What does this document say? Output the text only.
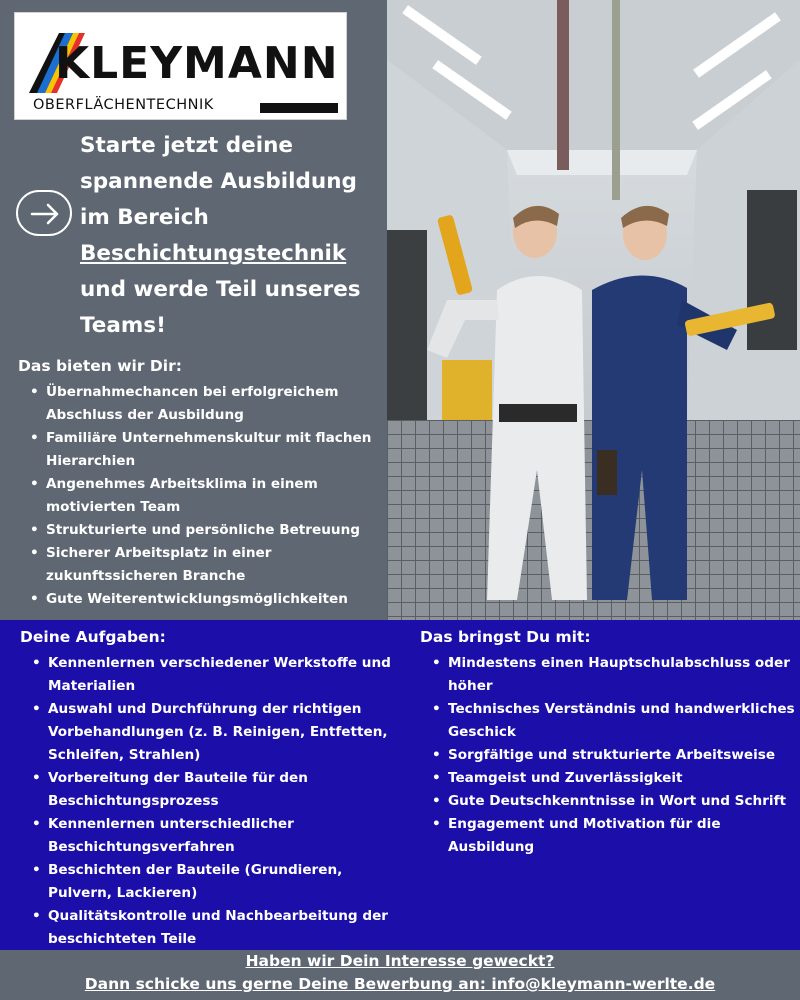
KLEYMANN
OBERFLÄCHENTECHNIK
Starte jetzt deine
spannende Ausbildung
im Bereich
Beschichtungstechnik
und werde Teil unseres
Teams!
Das bieten wir Dir:
• Übernahmechancen bei erfolgreichem Abschluss der Ausbildung
• Familiäre Unternehmenskultur mit flachen Hierarchien
• Angenehmes Arbeitsklima in einem motivierten Team
• Strukturierte und persönliche Betreuung
• Sicherer Arbeitsplatz in einer zukunftssicheren Branche
• Gute Weiterentwicklungsmöglichkeiten
Deine Aufgaben:
• Kennenlernen verschiedener Werkstoffe und Materialien
• Auswahl und Durchführung der richtigen Vorbehandlungen (z. B. Reinigen, Entfetten, Schleifen, Strahlen)
• Vorbereitung der Bauteile für den Beschichtungsprozess
• Kennenlernen unterschiedlicher Beschichtungsverfahren
• Beschichten der Bauteile (Grundieren, Pulvern, Lackieren)
• Qualitätskontrolle und Nachbearbeitung der beschichteten Teile
Das bringst Du mit:
• Mindestens einen Hauptschulabschluss oder höher
• Technisches Verständnis und handwerkliches Geschick
• Sorgfältige und strukturierte Arbeitsweise
• Teamgeist und Zuverlässigkeit
• Gute Deutschkenntnisse in Wort und Schrift
• Engagement und Motivation für die Ausbildung
Haben wir Dein Interesse geweckt?
Dann schicke uns gerne Deine Bewerbung an: info@kleymann-werlte.de
